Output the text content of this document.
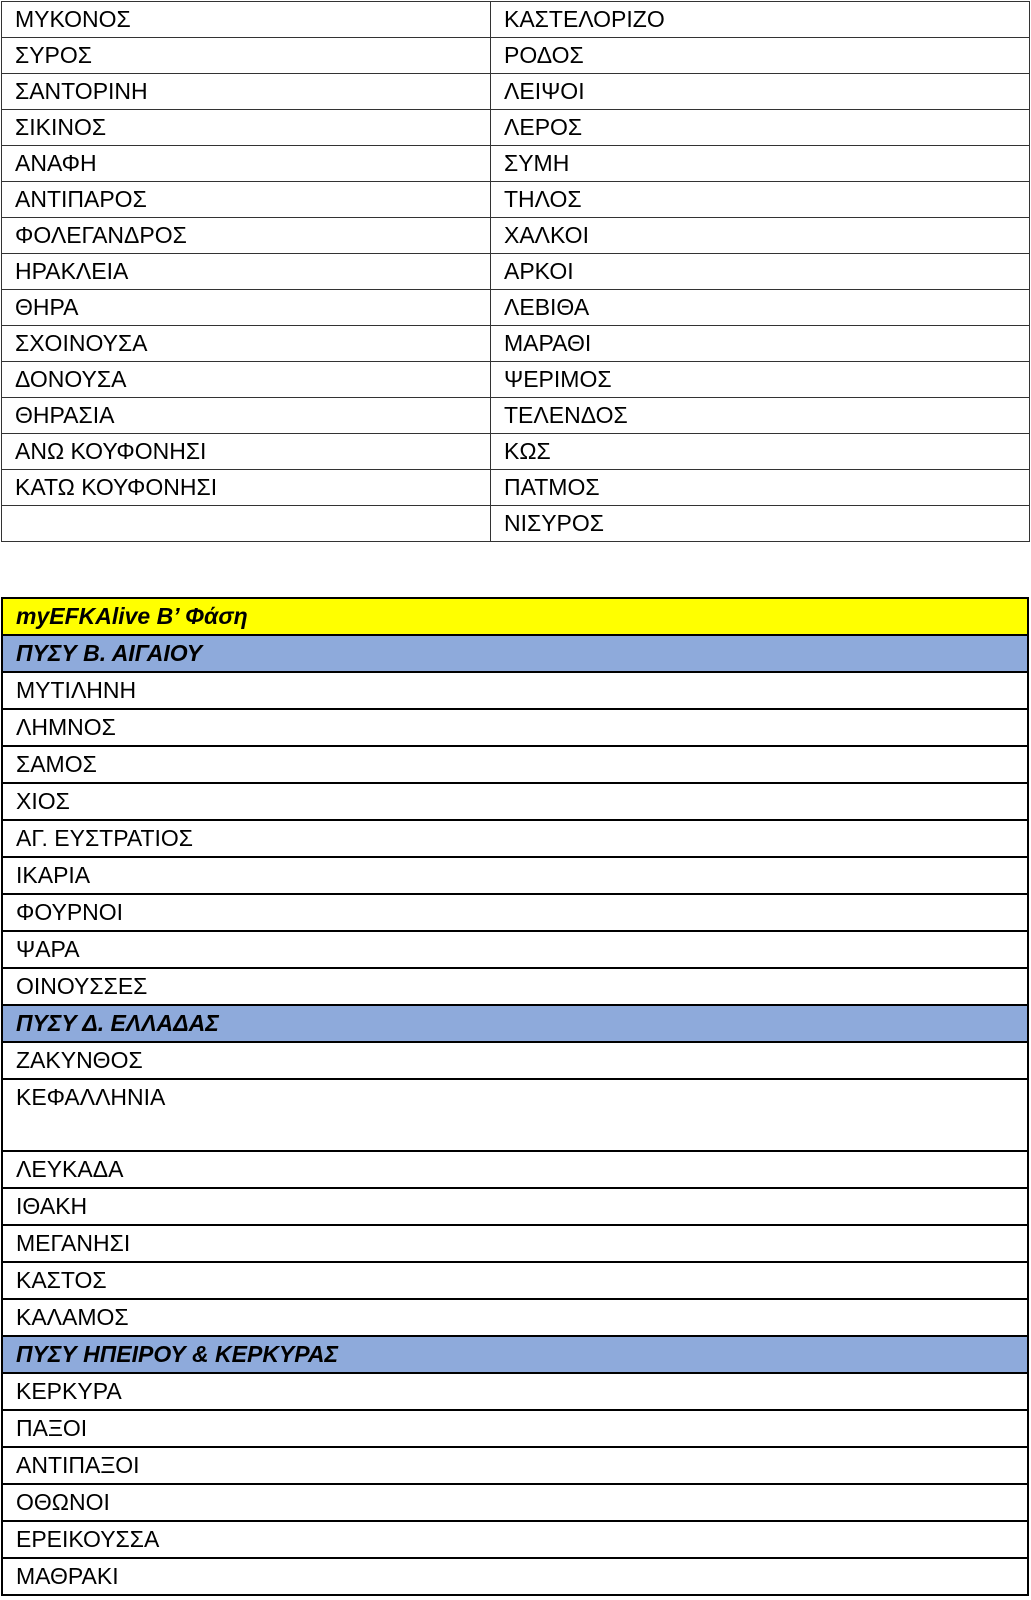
ΜΥΚΟΝΟΣ	ΚΑΣΤΕΛΟΡΙΖΟ
ΣΥΡΟΣ	ΡΟΔΟΣ
ΣΑΝΤΟΡΙΝΗ	ΛΕΙΨΟΙ
ΣΙΚΙΝΟΣ	ΛΕΡΟΣ
ΑΝΑΦΗ	ΣΥΜΗ
ΑΝΤΙΠΑΡΟΣ	ΤΗΛΟΣ
ΦΟΛΕΓΑΝΔΡΟΣ	ΧΑΛΚΟΙ
ΗΡΑΚΛΕΙΑ	ΑΡΚΟΙ
ΘΗΡΑ	ΛΕΒΙΘΑ
ΣΧΟΙΝΟΥΣΑ	ΜΑΡΑΘΙ
ΔΟΝΟΥΣΑ	ΨΕΡΙΜΟΣ
ΘΗΡΑΣΙΑ	ΤΕΛΕΝΔΟΣ
ΑΝΩ ΚΟΥΦΟΝΗΣΙ	ΚΩΣ
ΚΑΤΩ ΚΟΥΦΟΝΗΣΙ	ΠΑΤΜΟΣ
	ΝΙΣΥΡΟΣ
myEFKAlive B’ Φάση
ΠΥΣΥ Β. ΑΙΓΑΙΟΥ
ΜΥΤΙΛΗΝΗ
ΛΗΜΝΟΣ
ΣΑΜΟΣ
ΧΙΟΣ
ΑΓ. ΕΥΣΤΡΑΤΙΟΣ
ΙΚΑΡΙΑ
ΦΟΥΡΝΟΙ
ΨΑΡΑ
ΟΙΝΟΥΣΣΕΣ
ΠΥΣΥ Δ. ΕΛΛΑΔΑΣ
ΖΑΚΥΝΘΟΣ
ΚΕΦΑΛΛΗΝΙΑ
ΛΕΥΚΑΔΑ
ΙΘΑΚΗ
ΜΕΓΑΝΗΣΙ
ΚΑΣΤΟΣ
ΚΑΛΑΜΟΣ
ΠΥΣΥ ΗΠΕΙΡΟΥ & ΚΕΡΚΥΡΑΣ
ΚΕΡΚΥΡΑ
ΠΑΞΟΙ
ΑΝΤΙΠΑΞΟΙ
ΟΘΩΝΟΙ
ΕΡΕΙΚΟΥΣΣΑ
ΜΑΘΡΑΚΙ
